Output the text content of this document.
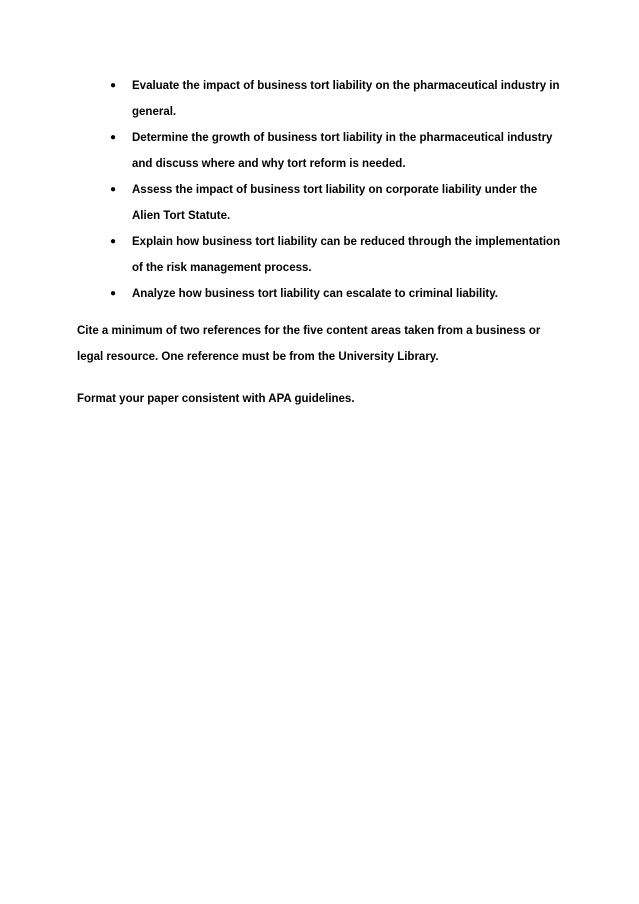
● Evaluate the impact of business tort liability on the pharmaceutical industry in general.
● Determine the growth of business tort liability in the pharmaceutical industry and discuss where and why tort reform is needed.
● Assess the impact of business tort liability on corporate liability under the Alien Tort Statute.
● Explain how business tort liability can be reduced through the implementation of the risk management process.
● Analyze how business tort liability can escalate to criminal liability.

Cite a minimum of two references for the five content areas taken from a business or legal resource. One reference must be from the University Library.

Format your paper consistent with APA guidelines.
